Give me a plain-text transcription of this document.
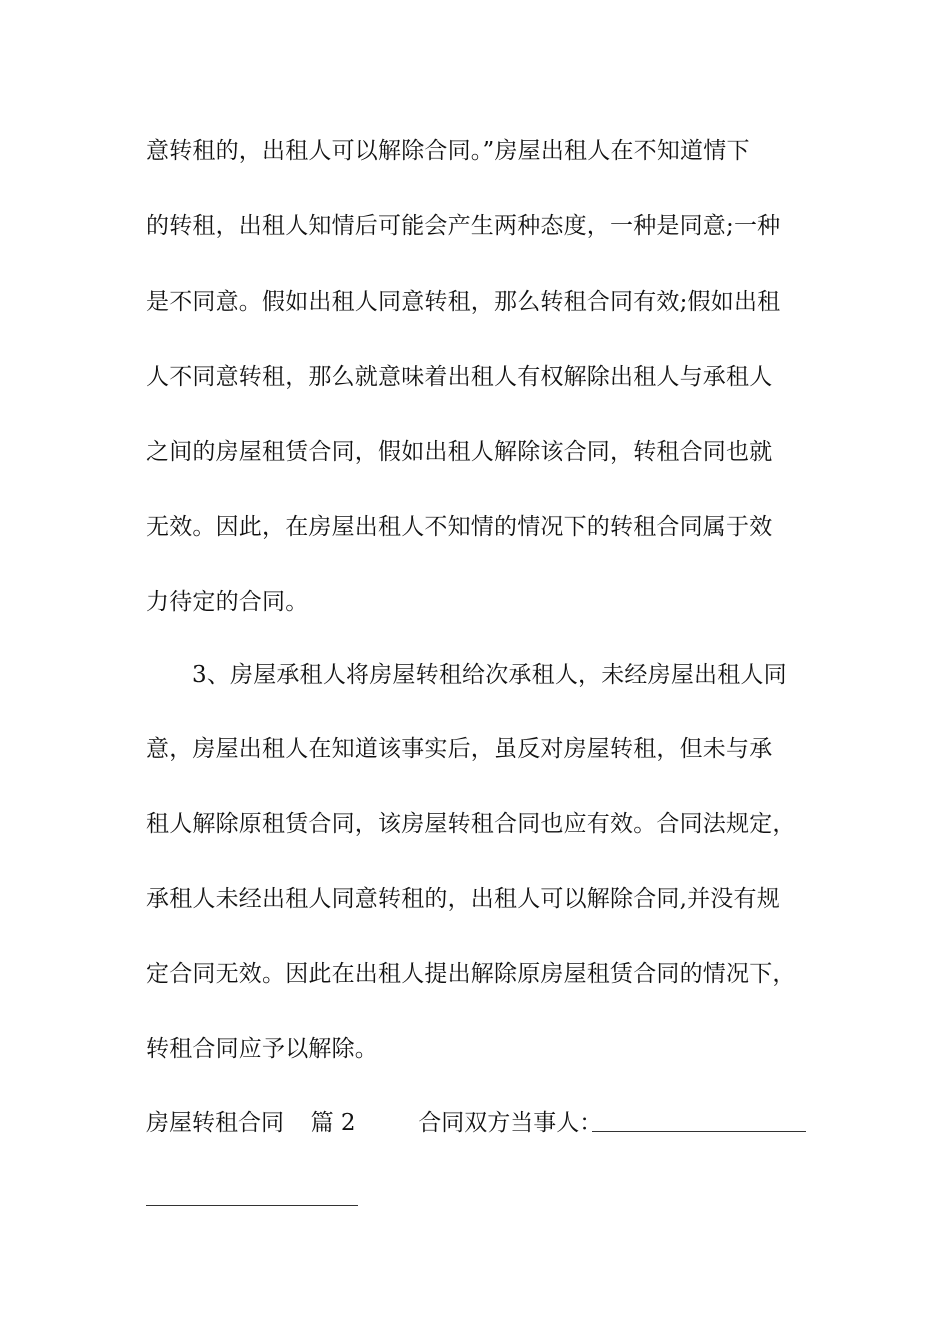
意转租的，出租人可以解除合同。”房屋出租人在不知道情下
的转租，出租人知情后可能会产生两种态度，一种是同意;一种
是不同意。假如出租人同意转租，那么转租合同有效;假如出租
人不同意转租，那么就意味着出租人有权解除出租人与承租人
之间的房屋租赁合同，假如出租人解除该合同，转租合同也就
无效。因此，在房屋出租人不知情的情况下的转租合同属于效
力待定的合同。
3、房屋承租人将房屋转租给次承租人，未经房屋出租人同
意，房屋出租人在知道该事实后，虽反对房屋转租，但未与承
租人解除原租赁合同，该房屋转租合同也应有效。合同法规定，
承租人未经出租人同意转租的，出租人可以解除合同,并没有规
定合同无效。因此在出租人提出解除原房屋租赁合同的情况下，
转租合同应予以解除。
房屋转租合同 篇 2	合同双方当事人：
